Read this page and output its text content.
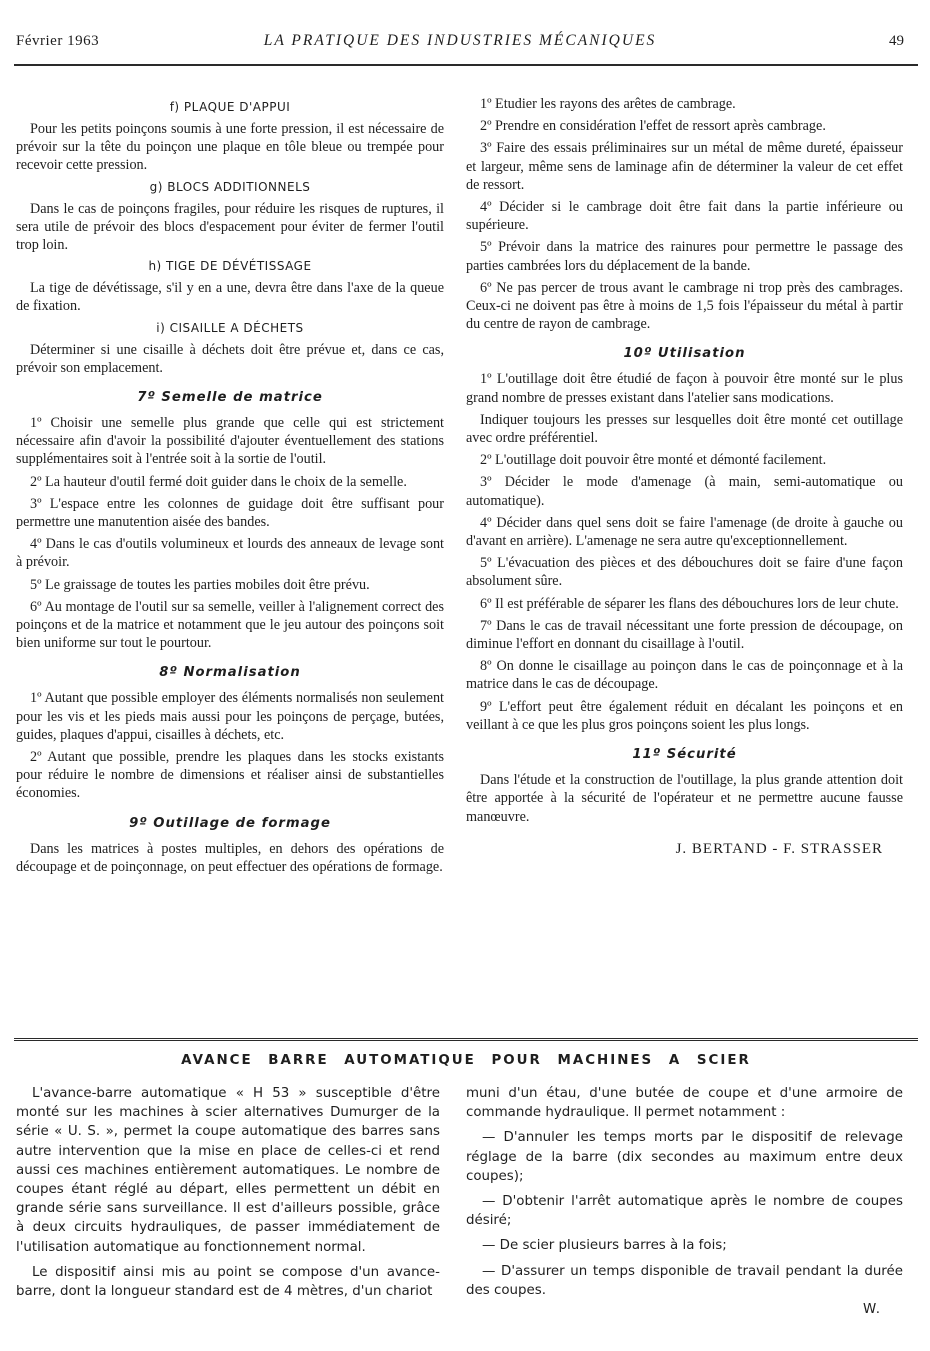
Février 1963	LA PRATIQUE DES INDUSTRIES MÉCANIQUES	49
f) PLAQUE D'APPUI

Pour les petits poinçons soumis à une forte pression, il est nécessaire de prévoir sur la tête du poinçon une plaque en tôle bleue ou trempée pour recevoir cette pression.

g) BLOCS ADDITIONNELS

Dans le cas de poinçons fragiles, pour réduire les risques de ruptures, il sera utile de prévoir des blocs d'espacement pour éviter de fermer l'outil trop loin.

h) TIGE DE DÉVÉTISSAGE

La tige de dévétissage, s'il y en a une, devra être dans l'axe de la queue de fixation.

i) CISAILLE A DÉCHETS

Déterminer si une cisaille à déchets doit être prévue et, dans ce cas, prévoir son emplacement.

7º Semelle de matrice

1º Choisir une semelle plus grande que celle qui est strictement nécessaire afin d'avoir la possibilité d'ajouter éventuellement des stations supplémentaires soit à l'entrée soit à la sortie de l'outil.

2º La hauteur d'outil fermé doit guider dans le choix de la semelle.

3º L'espace entre les colonnes de guidage doit être suffisant pour permettre une manutention aisée des bandes.

4º Dans le cas d'outils volumineux et lourds des anneaux de levage sont à prévoir.

5º Le graissage de toutes les parties mobiles doit être prévu.

6º Au montage de l'outil sur sa semelle, veiller à l'alignement correct des poinçons et de la matrice et notamment que le jeu autour des poinçons soit bien uniforme sur tout le pourtour.

8º Normalisation

1º Autant que possible employer des éléments normalisés non seulement pour les vis et les pieds mais aussi pour les poinçons de perçage, butées, guides, plaques d'appui, cisailles à déchets, etc.

2º Autant que possible, prendre les plaques dans les stocks existants pour réduire le nombre de dimensions et réaliser ainsi de substantielles économies.

9º Outillage de formage

Dans les matrices à postes multiples, en dehors des opérations de découpage et de poinçonnage, on peut effectuer des opérations de formage.

1º Etudier les rayons des arêtes de cambrage.

2º Prendre en considération l'effet de ressort après cambrage.

3º Faire des essais préliminaires sur un métal de même dureté, épaisseur et largeur, même sens de laminage afin de déterminer la valeur de cet effet de ressort.

4º Décider si le cambrage doit être fait dans la partie inférieure ou supérieure.

5º Prévoir dans la matrice des rainures pour permettre le passage des parties cambrées lors du déplacement de la bande.

6º Ne pas percer de trous avant le cambrage ni trop près des cambrages. Ceux-ci ne doivent pas être à moins de 1,5 fois l'épaisseur du métal à partir du centre de rayon de cambrage.

10º Utilisation

1º L'outillage doit être étudié de façon à pouvoir être monté sur le plus grand nombre de presses existant dans l'atelier sans modications.

Indiquer toujours les presses sur lesquelles doit être monté cet outillage avec ordre préférentiel.

2º L'outillage doit pouvoir être monté et démonté facilement.

3º Décider le mode d'amenage (à main, semi-automatique ou automatique).

4º Décider dans quel sens doit se faire l'amenage (de droite à gauche ou d'avant en arrière). L'amenage ne sera autre qu'exceptionnellement.

5º L'évacuation des pièces et des débouchures doit se faire d'une façon absolument sûre.

6º Il est préférable de séparer les flans des débouchures lors de leur chute.

7º Dans le cas de travail nécessitant une forte pression de découpage, on diminue l'effort en donnant du cisaillage à l'outil.

8º On donne le cisaillage au poinçon dans le cas de poinçonnage et à la matrice dans le cas de découpage.

9º L'effort peut être également réduit en décalant les poinçons et en veillant à ce que les plus gros poinçons soient les plus longs.

11º Sécurité

Dans l'étude et la construction de l'outillage, la plus grande attention doit être apportée à la sécurité de l'opérateur et ne permettre aucune fausse manœuvre.

J. BERTAND - F. STRASSER
AVANCE BARRE AUTOMATIQUE POUR MACHINES A SCIER

L'avance-barre automatique « H 53 » susceptible d'être monté sur les machines à scier alternatives Dumurger de la série « U. S. », permet la coupe automatique des barres sans autre intervention que la mise en place de celles-ci et rend aussi ces machines entièrement automatiques. Le nombre de coupes étant réglé au départ, elles permettent un débit en grande série sans surveillance. Il est d'ailleurs possible, grâce à deux circuits hydrauliques, de passer immédiatement de l'utilisation automatique au fonctionnement normal.

Le dispositif ainsi mis au point se compose d'un avance-barre, dont la longueur standard est de 4 mètres, d'un chariot

muni d'un étau, d'une butée de coupe et d'une armoire de commande hydraulique. Il permet notamment :

— D'annuler les temps morts par le dispositif de relevage réglage de la barre (dix secondes au maximum entre deux coupes);

— D'obtenir l'arrêt automatique après le nombre de coupes désiré;

— De scier plusieurs barres à la fois;

— D'assurer un temps disponible de travail pendant la durée des coupes.

W.
